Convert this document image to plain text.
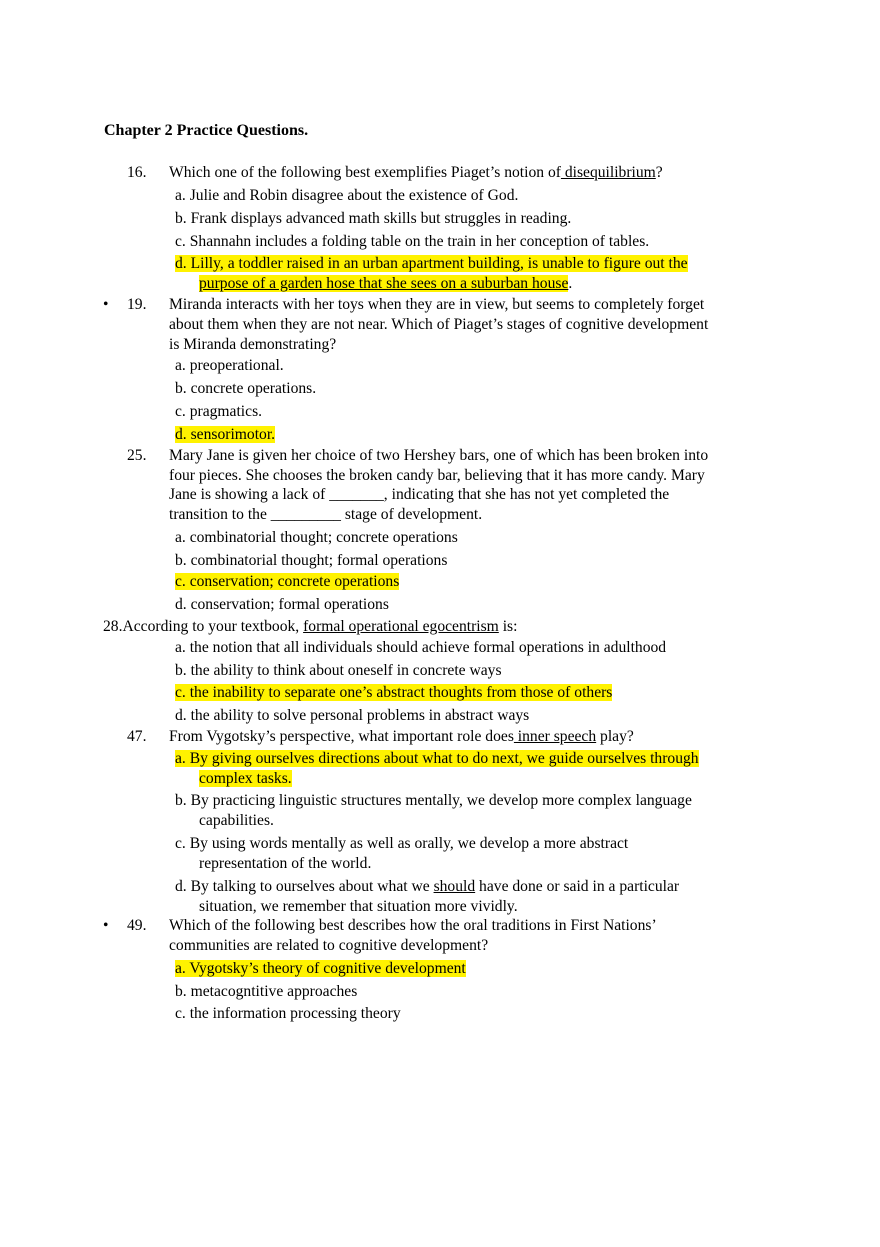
Chapter 2 Practice Questions.
16. Which one of the following best exemplifies Piaget’s notion of disequilibrium?
a. Julie and Robin disagree about the existence of God.
b. Frank displays advanced math skills but struggles in reading.
c. Shannahn includes a folding table on the train in her conception of tables.
d. Lilly, a toddler raised in an urban apartment building, is unable to figure out the
purpose of a garden hose that she sees on a suburban house.
• 19. Miranda interacts with her toys when they are in view, but seems to completely forget
about them when they are not near. Which of Piaget’s stages of cognitive development
is Miranda demonstrating?
a. preoperational.
b. concrete operations.
c. pragmatics.
d. sensorimotor.
25. Mary Jane is given her choice of two Hershey bars, one of which has been broken into
four pieces. She chooses the broken candy bar, believing that it has more candy. Mary
Jane is showing a lack of _______, indicating that she has not yet completed the
transition to the _________ stage of development.
a. combinatorial thought; concrete operations
b. combinatorial thought; formal operations
c. conservation; concrete operations
d. conservation; formal operations
28.According to your textbook, formal operational egocentrism is:
a. the notion that all individuals should achieve formal operations in adulthood
b. the ability to think about oneself in concrete ways
c. the inability to separate one’s abstract thoughts from those of others
d. the ability to solve personal problems in abstract ways
47. From Vygotsky’s perspective, what important role does inner speech play?
a. By giving ourselves directions about what to do next, we guide ourselves through
complex tasks.
b. By practicing linguistic structures mentally, we develop more complex language
capabilities.
c. By using words mentally as well as orally, we develop a more abstract
representation of the world.
d. By talking to ourselves about what we should have done or said in a particular
situation, we remember that situation more vividly.
• 49. Which of the following best describes how the oral traditions in First Nations’
communities are related to cognitive development?
a. Vygotsky’s theory of cognitive development
b. metacogntitive approaches
c. the information processing theory
